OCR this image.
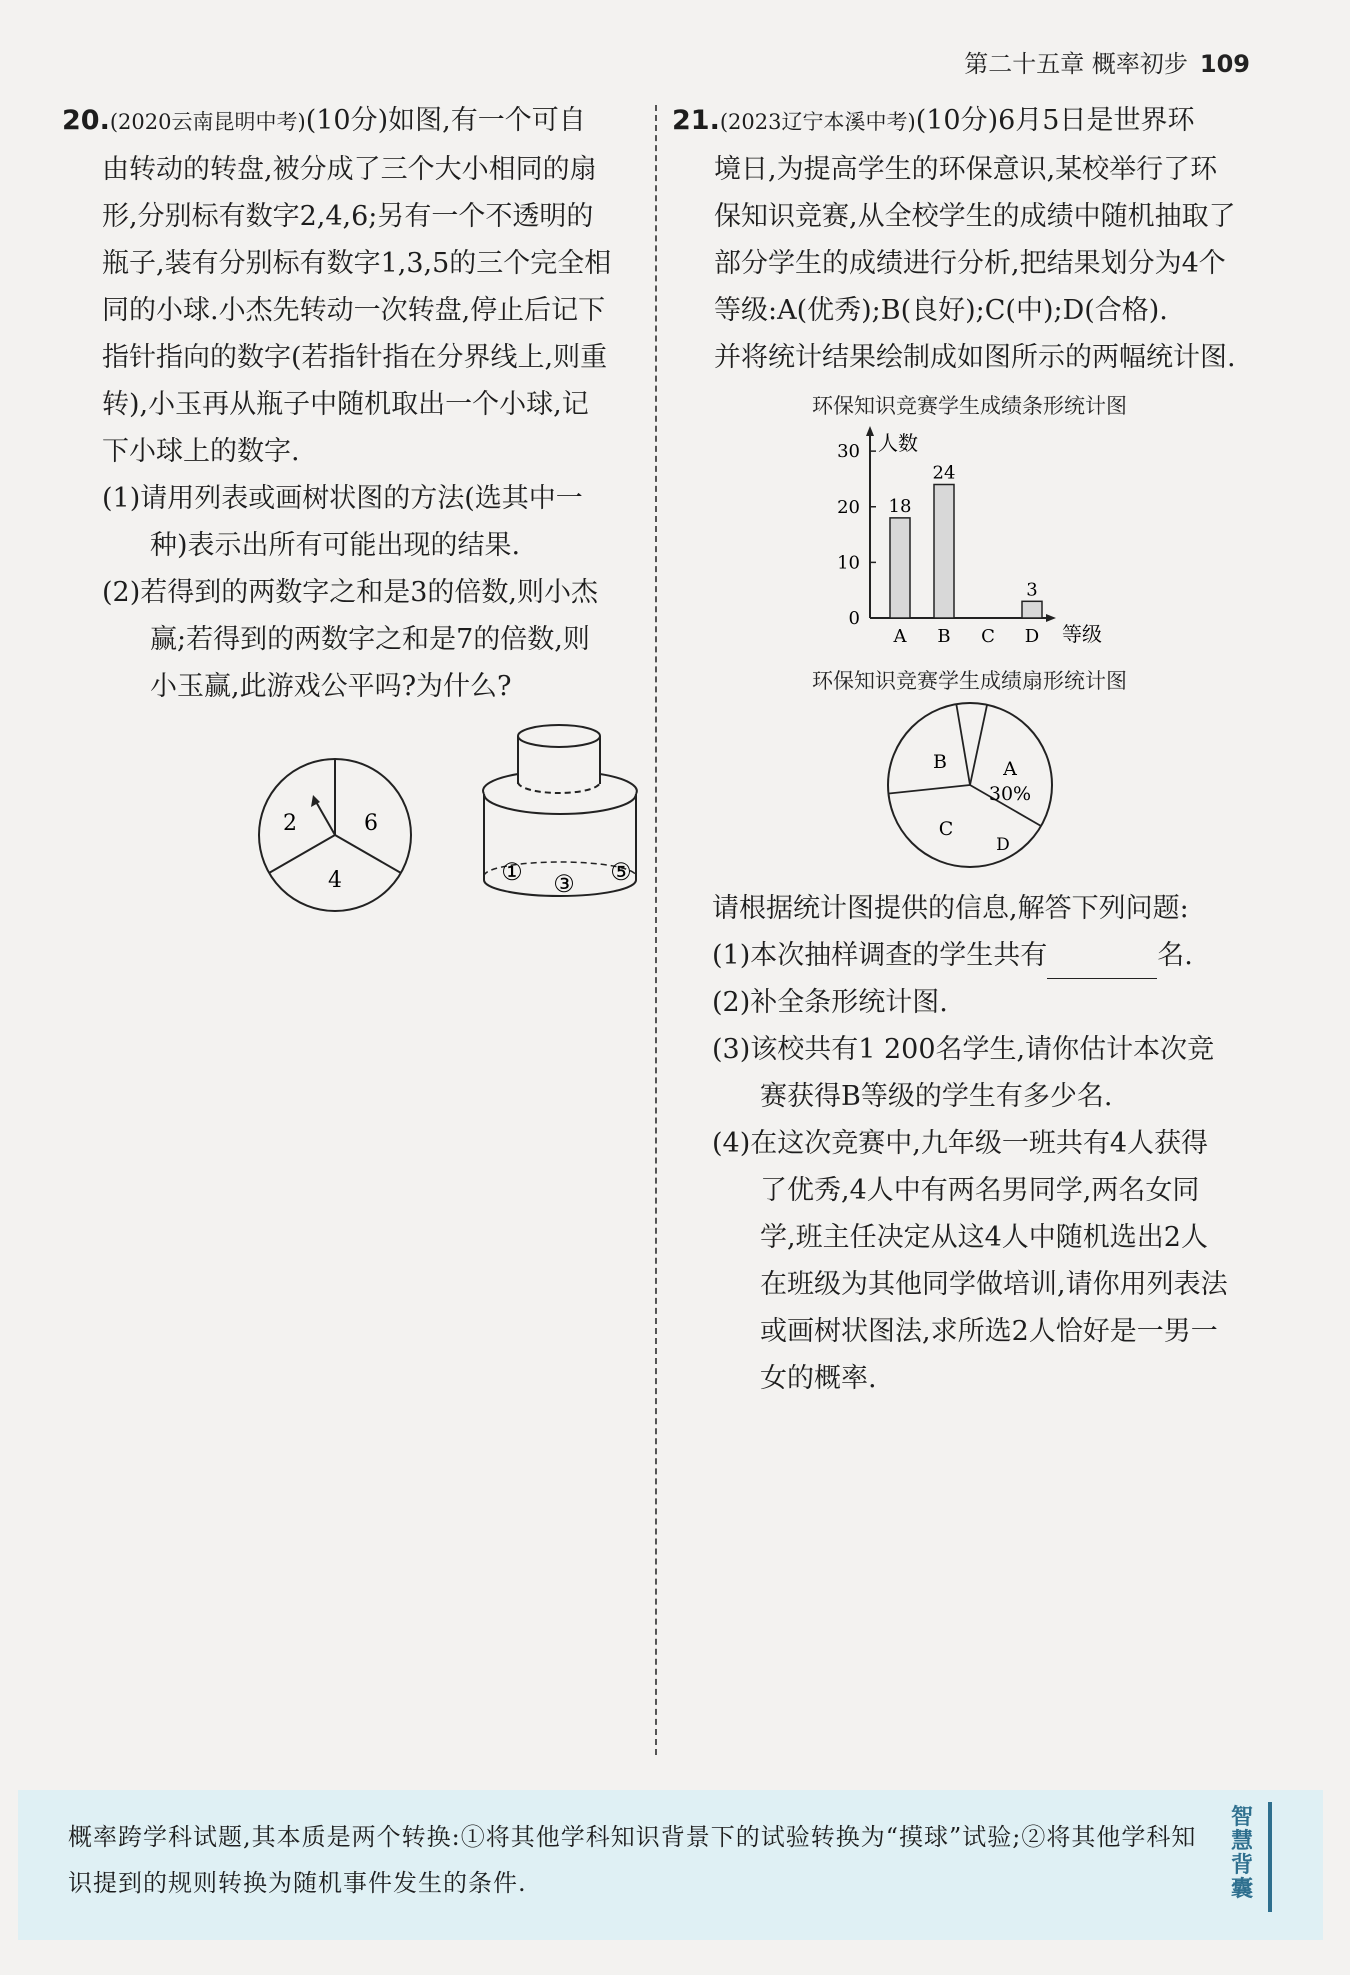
第二十五章 概率初步 109

20.(2020云南昆明中考)(10分)如图,有一个可自

由转动的转盘,被分成了三个大小相同的扇

形,分别标有数字2,4,6;另有一个不透明的

瓶子,装有分别标有数字1,3,5的三个完全相

同的小球.小杰先转动一次转盘,停止后记下

指针指向的数字(若指针指在分界线上,则重

转),小玉再从瓶子中随机取出一个小球,记

下小球上的数字.

(1)请用列表或画树状图的方法(选其中一

种)表示出所有可能出现的结果.

(2)若得到的两数字之和是3的倍数,则小杰

赢;若得到的两数字之和是7的倍数,则

小玉赢,此游戏公平吗?为什么?

2	6
4	① ③ ⑤

21.(2023辽宁本溪中考)(10分)6月5日是世界环

境日,为提高学生的环保意识,某校举行了环

保知识竞赛,从全校学生的成绩中随机抽取了

部分学生的成绩进行分析,把结果划分为4个

等级:A(优秀);B(良好);C(中);D(合格).

并将统计结果绘制成如图所示的两幅统计图.

环保知识竞赛学生成绩条形统计图
人数
等级
0
10
20
30
A
18
B
24
C D
3
环保知识竞赛学生成绩扇形统计图
A
30%
B
C
D

请根据统计图提供的信息,解答下列问题:

(1)本次抽样调查的学生共有	名.

(2)补全条形统计图.

(3)该校共有1 200名学生,请你估计本次竞

赛获得B等级的学生有多少名.

(4)在这次竞赛中,九年级一班共有4人获得

了优秀,4人中有两名男同学,两名女同

学,班主任决定从这4人中随机选出2人

在班级为其他同学做培训,请你用列表法

或画树状图法,求所选2人恰好是一男一

女的概率.

概率跨学科试题,其本质是两个转换:①将其他学科知识背景下的试验转换为“摸球”试验;②将其他学科知识提到的规则转换为随机事件发生的条件.
智慧背囊
